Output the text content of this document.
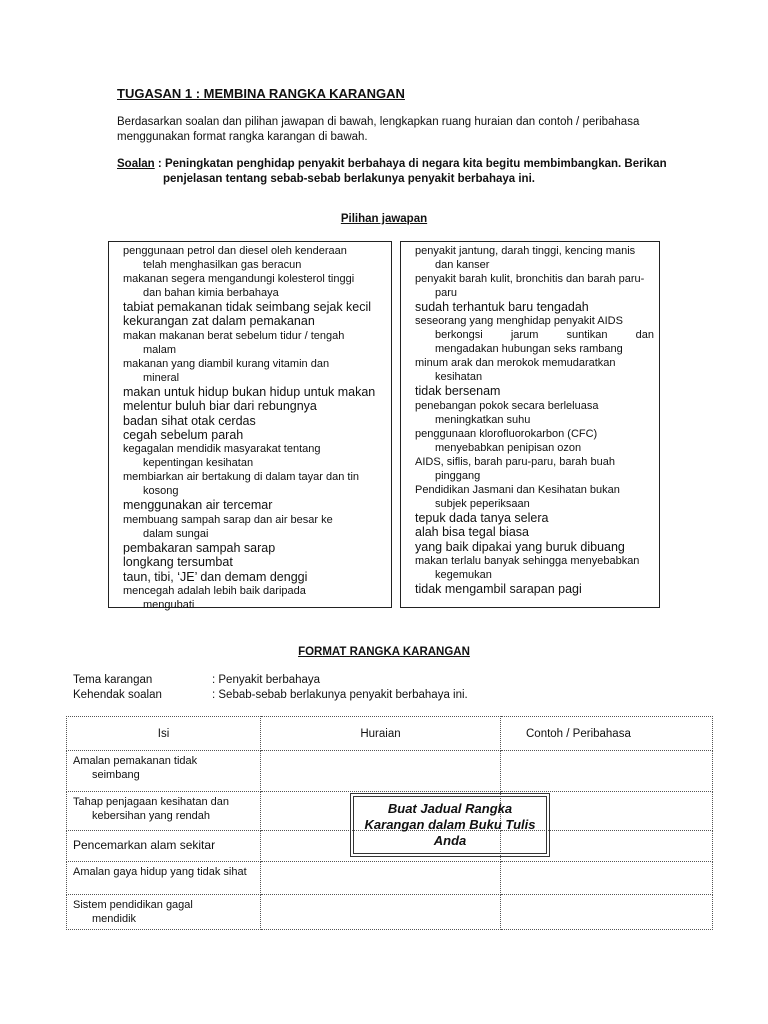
TUGASAN 1 : MEMBINA RANGKA KARANGAN
Berdasarkan soalan dan pilihan jawapan di bawah, lengkapkan ruang huraian dan contoh / peribahasa menggunakan format rangka karangan di bawah.
Soalan : Peningkatan penghidap penyakit berbahaya di negara kita begitu membimbangkan. Berikan
penjelasan tentang sebab-sebab berlakunya penyakit berbahaya ini.
Pilihan jawapan
penggunaan petrol dan diesel oleh kenderaan
telah menghasilkan gas beracun
makanan segera mengandungi kolesterol tinggi
dan bahan kimia berbahaya
tabiat pemakanan tidak seimbang sejak kecil
kekurangan zat dalam pemakanan
makan makanan berat sebelum tidur / tengah
malam
makanan yang diambil kurang vitamin dan
mineral
makan untuk hidup bukan hidup untuk makan
melentur buluh biar dari rebungnya
badan sihat otak cerdas
cegah sebelum parah
kegagalan mendidik masyarakat tentang
kepentingan kesihatan
membiarkan air bertakung di dalam tayar dan tin
kosong
menggunakan air tercemar
membuang sampah sarap dan air besar ke
dalam sungai
pembakaran sampah sarap
longkang tersumbat
taun, tibi, ‘JE’ dan demam denggi
mencegah adalah lebih baik daripada
mengubati
penyakit jantung, darah tinggi, kencing manis
dan kanser
penyakit barah kulit, bronchitis dan barah paru-
paru
sudah terhantuk baru tengadah
seseorang yang menghidap penyakit AIDS
berkongsi jarum suntikan dan
mengadakan hubungan seks rambang
minum arak dan merokok memudaratkan
kesihatan
tidak bersenam
penebangan pokok secara berleluasa
meningkatkan suhu
penggunaan klorofluorokarbon (CFC)
menyebabkan penipisan ozon
AIDS, siflis, barah paru-paru, barah buah
pinggang
Pendidikan Jasmani dan Kesihatan bukan
subjek peperiksaan
tepuk dada tanya selera
alah bisa tegal biasa
yang baik dipakai yang buruk dibuang
makan terlalu banyak sehingga menyebabkan
kegemukan
tidak mengambil sarapan pagi
FORMAT RANGKA KARANGAN
Tema karangan	: Penyakit berbahaya
Kehendak soalan	: Sebab-sebab berlakunya penyakit berbahaya ini.
Isi	Huraian	Contoh / Peribahasa

Amalan pemakanan tidak
seimbang		

Tahap penjagaan kesihatan dan
kebersihan yang rendah		

Pencemarkan alam sekitar		

Amalan gaya hidup yang tidak sihat		

Sistem pendidikan gagal
mendidik		

Buat Jadual Rangka
Karangan dalam Buku Tulis
Anda
